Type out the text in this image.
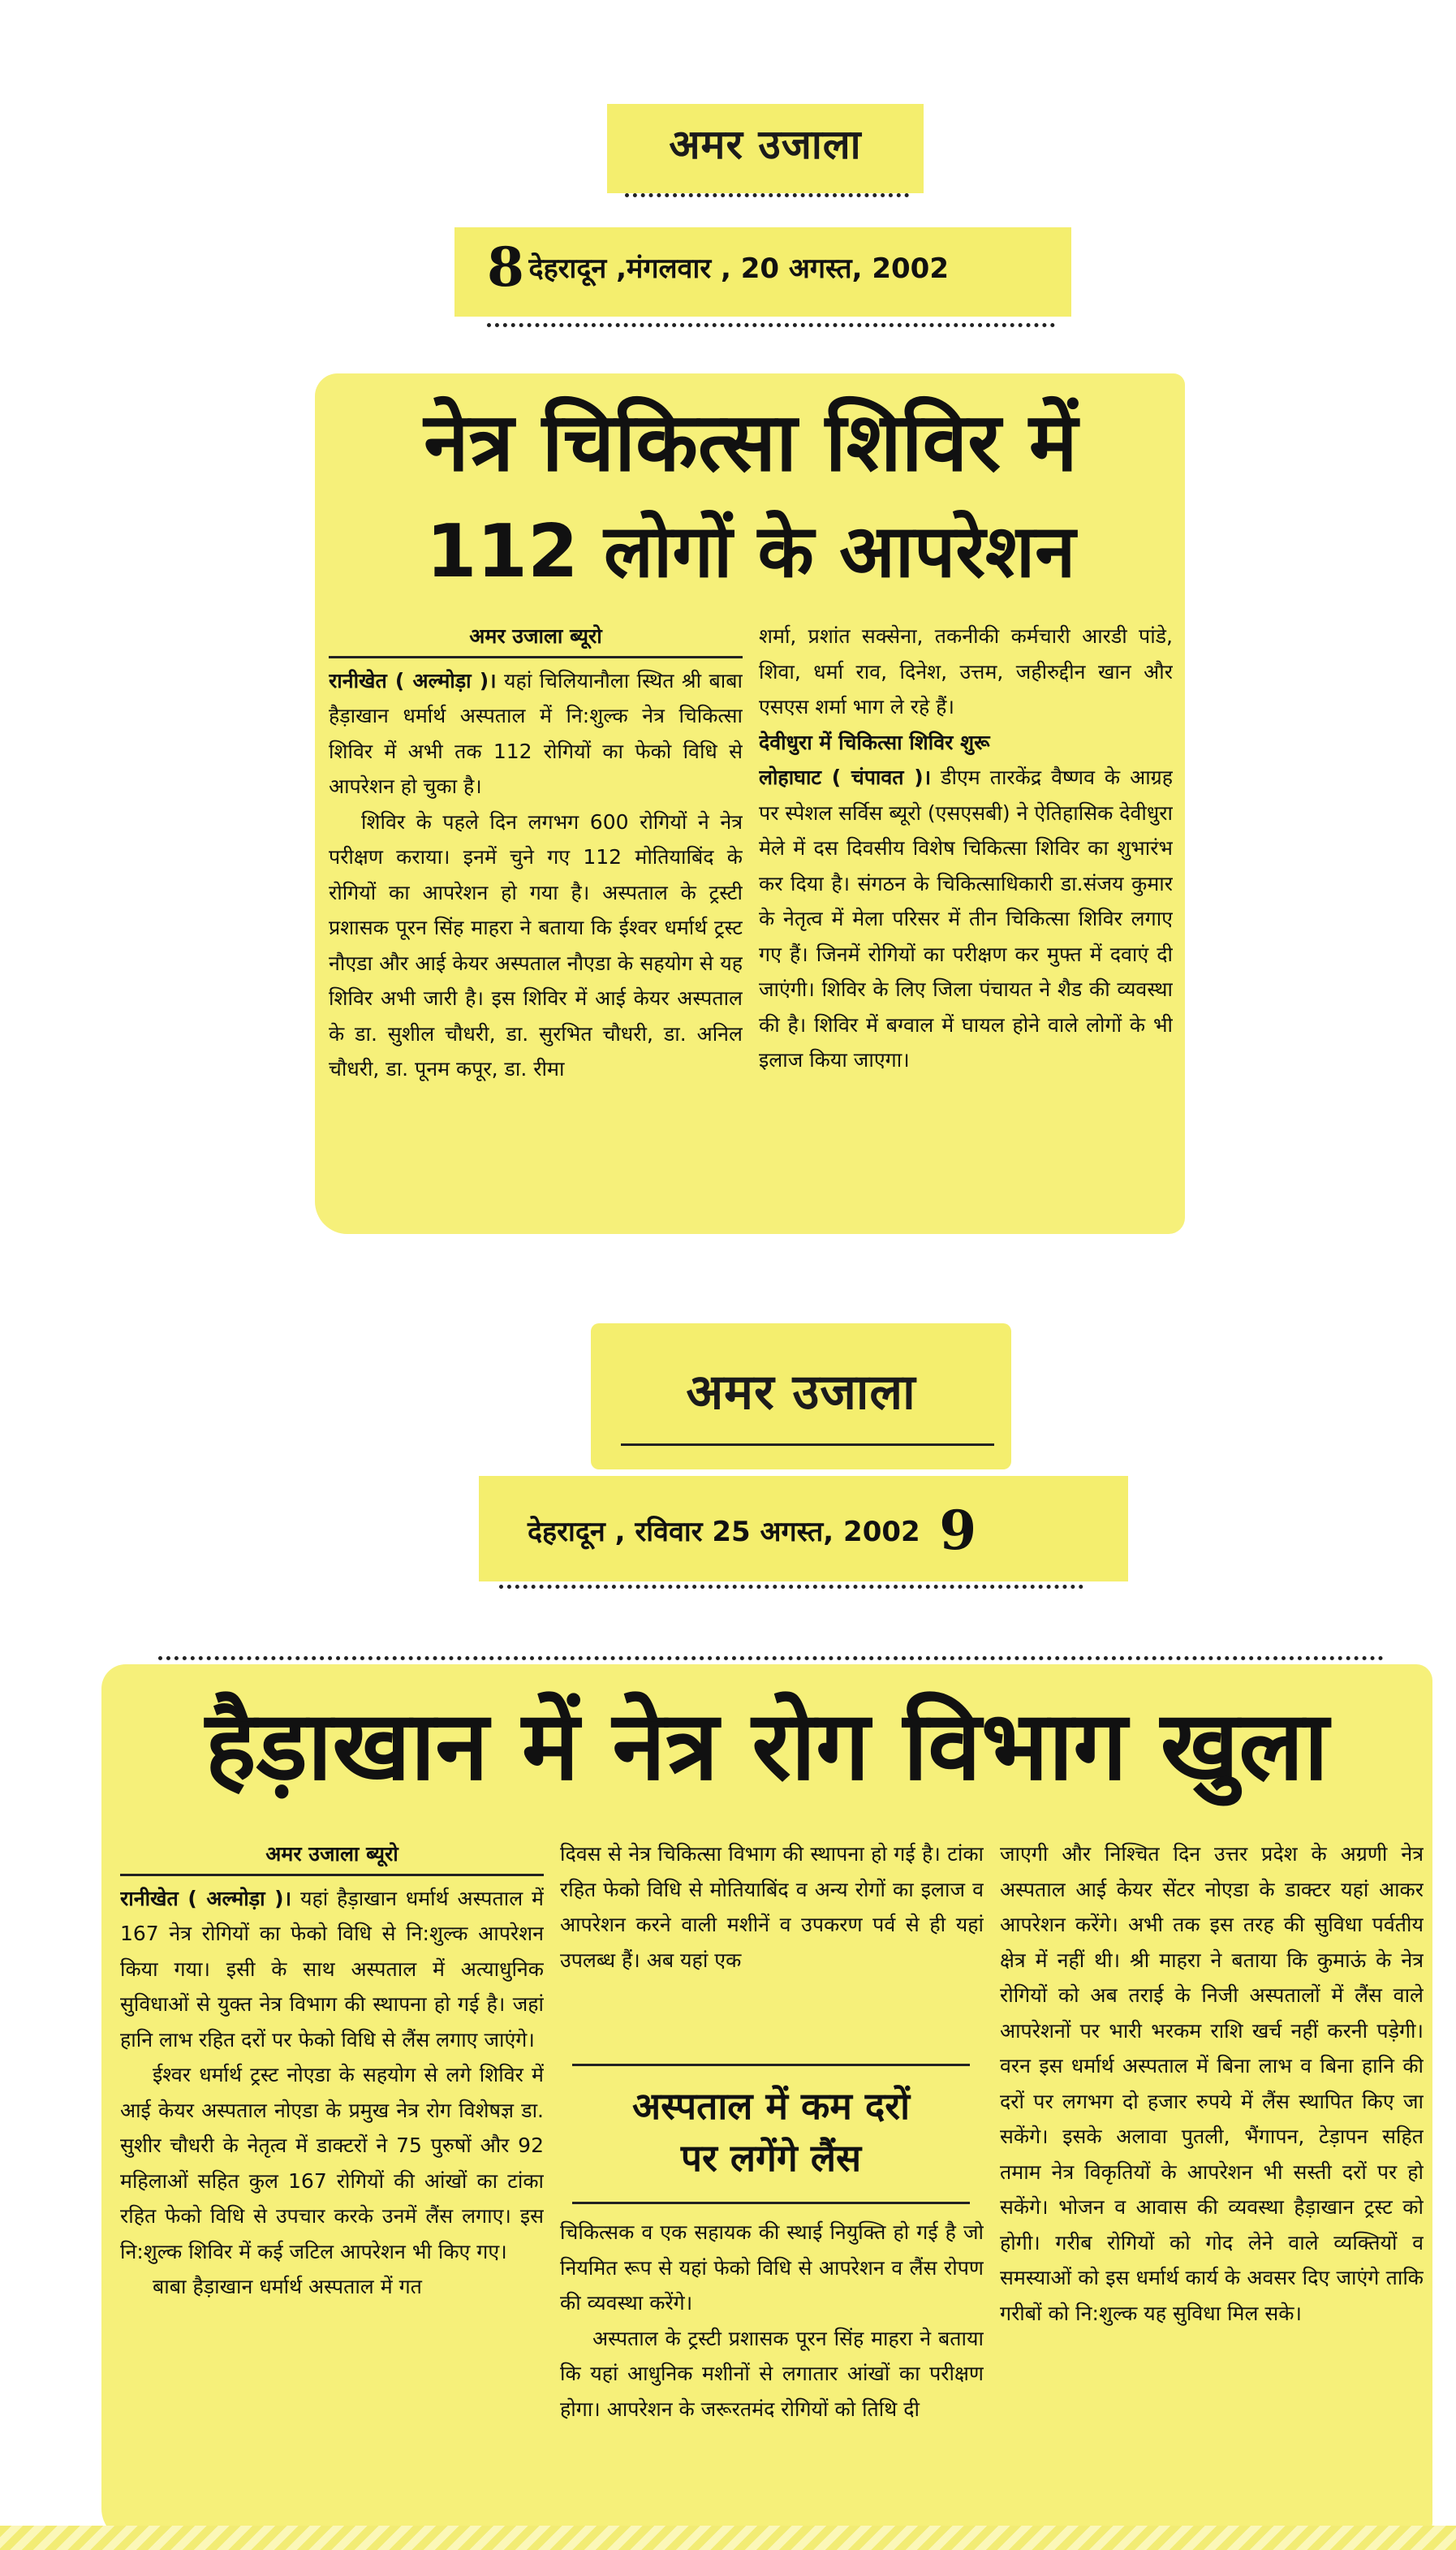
अमर उजाला
8 देहरादून ,मंगलवार , 20 अगस्त, 2002
नेत्र चिकित्सा शिविर में
112 लोगों के आपरेशन

अमर उजाला ब्यूरो

रानीखेत ( अल्मोड़ा )। यहां चिलियानौला स्थित श्री बाबा हैड़ाखान धर्मार्थ अस्पताल में नि:शुल्क नेत्र चिकित्सा शिविर में अभी तक 112 रोगियों का फेको विधि से आपरेशन हो चुका है।

शिविर के पहले दिन लगभग 600 रोगियों ने नेत्र परीक्षण कराया। इनमें चुने गए 112 मोतियाबिंद के रोगियों का आपरेशन हो गया है। अस्पताल के ट्रस्टी प्रशासक पूरन सिंह माहरा ने बताया कि ईश्वर धर्मार्थ ट्रस्ट नौएडा और आई केयर अस्पताल नौएडा के सहयोग से यह शिविर अभी जारी है। इस शिविर में आई केयर अस्पताल के डा. सुशील चौधरी, डा. सुरभित चौधरी, डा. अनिल चौधरी, डा. पूनम कपूर, डा. रीमा

शर्मा, प्रशांत सक्सेना, तकनीकी कर्मचारी आरडी पांडे, शिवा, धर्मा राव, दिनेश, उत्तम, जहीरुद्दीन खान और एसएस शर्मा भाग ले रहे हैं।

देवीधुरा में चिकित्सा शिविर शुरू

लोहाघाट ( चंपावत )। डीएम तारकेंद्र वैष्णव के आग्रह पर स्पेशल सर्विस ब्यूरो (एसएसबी) ने ऐतिहासिक देवीधुरा मेले में दस दिवसीय विशेष चिकित्सा शिविर का शुभारंभ कर दिया है। संगठन के चिकित्साधिकारी डा.संजय कुमार के नेतृत्व में मेला परिसर में तीन चिकित्सा शिविर लगाए गए हैं। जिनमें रोगियों का परीक्षण कर मुफ्त में दवाएं दी जाएंगी। शिविर के लिए जिला पंचायत ने शैड की व्यवस्था की है। शिविर में बग्वाल में घायल होने वाले लोगों के भी इलाज किया जाएगा।

अमर उजाला
देहरादून , रविवार 25 अगस्त, 2002 9
हैड़ाखान में नेत्र रोग विभाग खुला

अमर उजाला ब्यूरो

रानीखेत ( अल्मोड़ा )। यहां हैड़ाखान धर्मार्थ अस्पताल में 167 नेत्र रोगियों का फेको विधि से नि:शुल्क आपरेशन किया गया। इसी के साथ अस्पताल में अत्याधुनिक सुविधाओं से युक्त नेत्र विभाग की स्थापना हो गई है। जहां हानि लाभ रहित दरों पर फेको विधि से लैंस लगाए जाएंगे।

ईश्वर धर्मार्थ ट्रस्ट नोएडा के सहयोग से लगे शिविर में आई केयर अस्पताल नोएडा के प्रमुख नेत्र रोग विशेषज्ञ डा. सुशीर चौधरी के नेतृत्व में डाक्टरों ने 75 पुरुषों और 92 महिलाओं सहित कुल 167 रोगियों की आंखों का टांका रहित फेको विधि से उपचार करके उनमें लैंस लगाए। इस नि:शुल्क शिविर में कई जटिल आपरेशन भी किए गए।

बाबा हैड़ाखान धर्मार्थ अस्पताल में गत

दिवस से नेत्र चिकित्सा विभाग की स्थापना हो गई है। टांका रहित फेको विधि से मोतियाबिंद व अन्य रोगों का इलाज व आपरेशन करने वाली मशीनें व उपकरण पर्व से ही यहां उपलब्ध हैं। अब यहां एक

अस्पताल में कम दरों
पर लगेंगे लैंस

चिकित्सक व एक सहायक की स्थाई नियुक्ति हो गई है जो नियमित रूप से यहां फेको विधि से आपरेशन व लैंस रोपण की व्यवस्था करेंगे।

अस्पताल के ट्रस्टी प्रशासक पूरन सिंह माहरा ने बताया कि यहां आधुनिक मशीनों से लगातार आंखों का परीक्षण होगा। आपरेशन के जरूरतमंद रोगियों को तिथि दी

जाएगी और निश्चित दिन उत्तर प्रदेश के अग्रणी नेत्र अस्पताल आई केयर सेंटर नोएडा के डाक्टर यहां आकर आपरेशन करेंगे। अभी तक इस तरह की सुविधा पर्वतीय क्षेत्र में नहीं थी। श्री माहरा ने बताया कि कुमाऊं के नेत्र रोगियों को अब तराई के निजी अस्पतालों में लैंस वाले आपरेशनों पर भारी भरकम राशि खर्च नहीं करनी पड़ेगी। वरन इस धर्मार्थ अस्पताल में बिना लाभ व बिना हानि की दरों पर लगभग दो हजार रुपये में लैंस स्थापित किए जा सकेंगे। इसके अलावा पुतली, भैंगापन, टेड़ापन सहित तमाम नेत्र विकृतियों के आपरेशन भी सस्ती दरों पर हो सकेंगे। भोजन व आवास की व्यवस्था हैड़ाखान ट्रस्ट को होगी। गरीब रोगियों को गोद लेने वाले व्यक्तियों व समस्याओं को इस धर्मार्थ कार्य के अवसर दिए जाएंगे ताकि गरीबों को नि:शुल्क यह सुविधा मिल सके।
